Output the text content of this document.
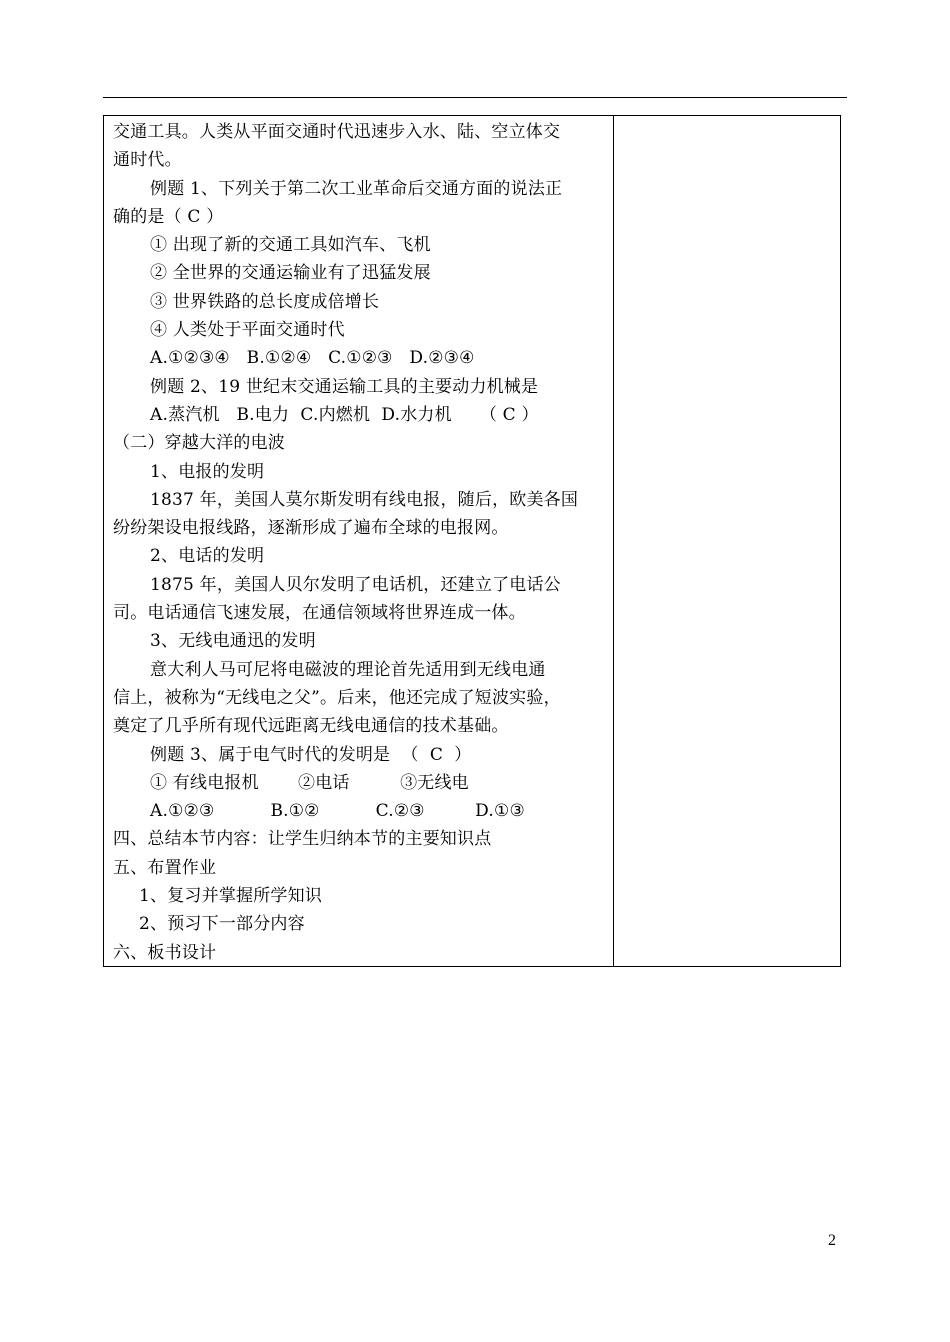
交通工具。人类从平面交通时代迅速步入水、陆、空立体交
通时代。
例题 1、下列关于第二次工业革命后交通方面的说法正
确的是（ C ）
① 出现了新的交通工具如汽车、飞机
② 全世界的交通运输业有了迅猛发展
③ 世界铁路的总长度成倍增长
④ 人类处于平面交通时代
A.①②③④   B.①②④   C.①②③   D.②③④
例题 2、19 世纪末交通运输工具的主要动力机械是
A.蒸汽机   B.电力  C.内燃机  D.水力机     （ C ）
（二）穿越大洋的电波
1、电报的发明
1837 年，美国人莫尔斯发明有线电报，随后，欧美各国
纷纷架设电报线路，逐渐形成了遍布全球的电报网。
2、电话的发明
1875 年，美国人贝尔发明了电话机，还建立了电话公
司。电话通信飞速发展，在通信领域将世界连成一体。
3、无线电通迅的发明
意大利人马可尼将电磁波的理论首先适用到无线电通
信上，被称为“无线电之父”。后来，他还完成了短波实验，
奠定了几乎所有现代远距离无线电通信的技术基础。
例题 3、属于电气时代的发明是  （  C  ）
① 有线电报机       ②电话         ③无线电
A.①②③          B.①②          C.②③         D.①③
四、总结本节内容：让学生归纳本节的主要知识点
五、布置作业
1、复习并掌握所学知识
2、预习下一部分内容
六、板书设计
2
